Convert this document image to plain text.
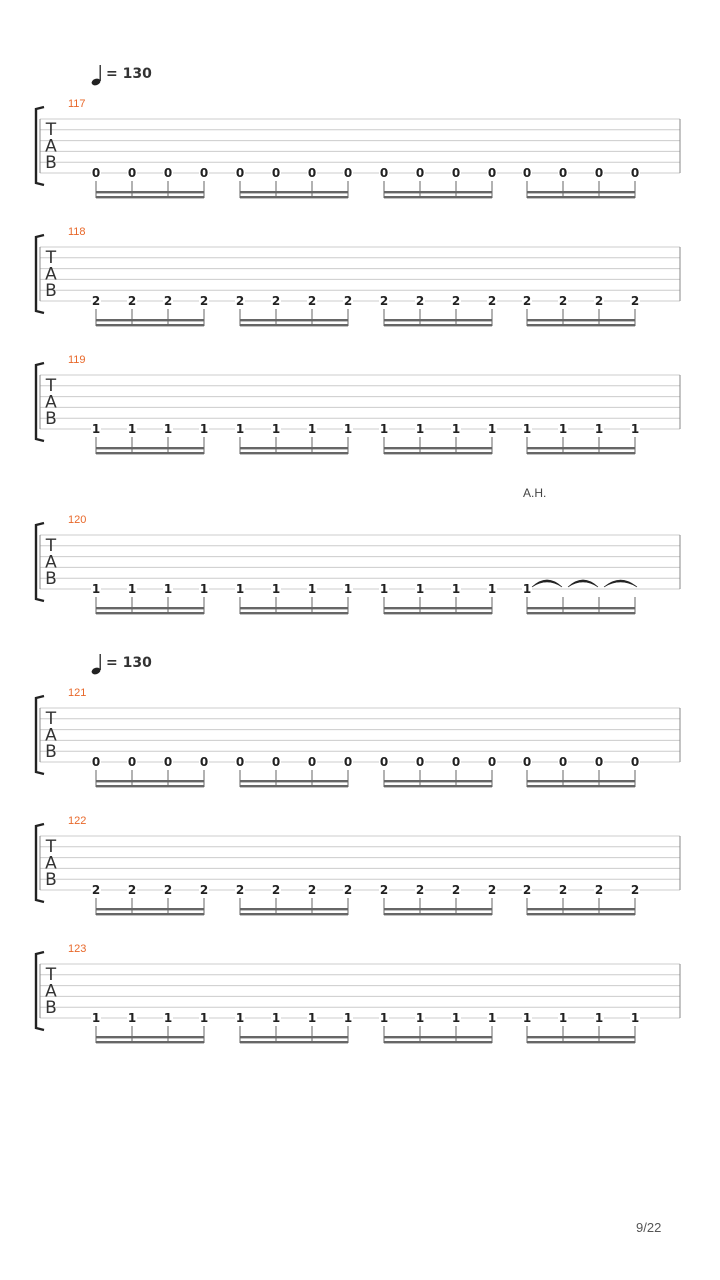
= 130
= 130
117
T
A
B	0 0 0 0 0 0 0 0 0 0 0 0 0 0 0 0
118
T
A
B	2 2 2 2 2 2 2 2 2 2 2 2 2 2 2 2
119
T
A
B	1 1 1 1 1 1 1 1 1 1 1 1 1 1 1 1
120
T
A
B	1 1 1 1 1 1 1 1 1 1 1 1 1
A.H.
121
T
A
B	0 0 0 0 0 0 0 0 0 0 0 0 0 0 0 0
122
T
A
B	2 2 2 2 2 2 2 2 2 2 2 2 2 2 2 2
123
T
A
B	1 1 1 1 1 1 1 1 1 1 1 1 1 1 1 1
9/22
